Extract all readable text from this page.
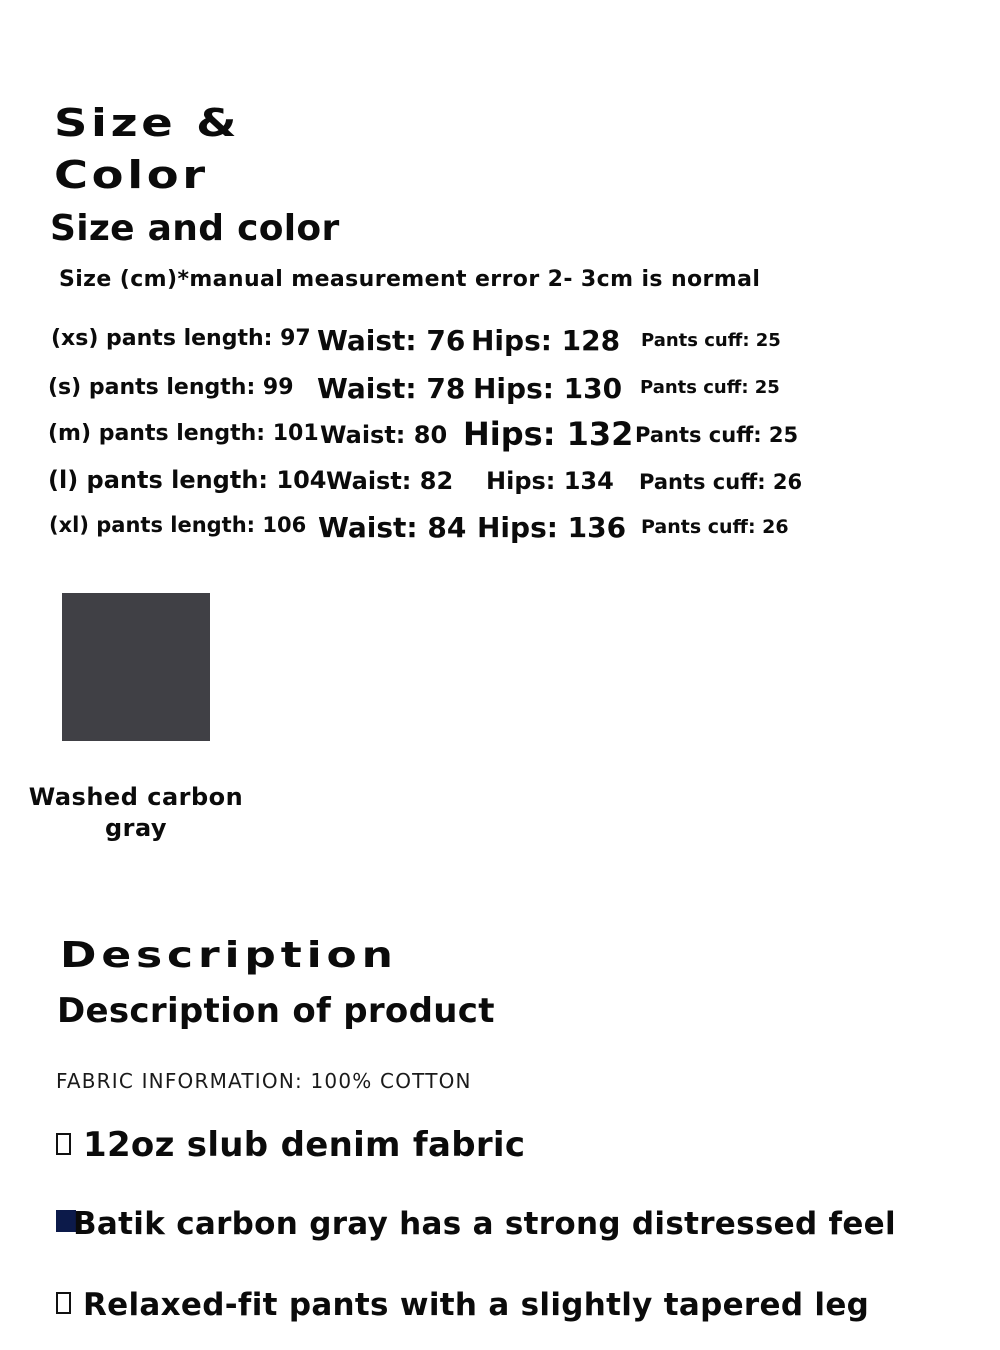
Size & Color
Size and color
Size (cm)*manual measurement error 2- 3cm is normal
(xs) pants length: 97 Waist: 76 Hips: 128 Pants cuff: 25
(s) pants length: 99 Waist: 78 Hips: 130 Pants cuff: 25
(m) pants length: 101 Waist: 80 Hips: 132 Pants cuff: 25
(l) pants length: 104 Waist: 82 Hips: 134 Pants cuff: 26
(xl) pants length: 106 Waist: 84 Hips: 136 Pants cuff: 26
Washed carbon gray
Description
Description of product
FABRIC INFORMATION: 100% COTTON
12oz slub denim fabric
Batik carbon gray has a strong distressed feel
Relaxed-fit pants with a slightly tapered leg
